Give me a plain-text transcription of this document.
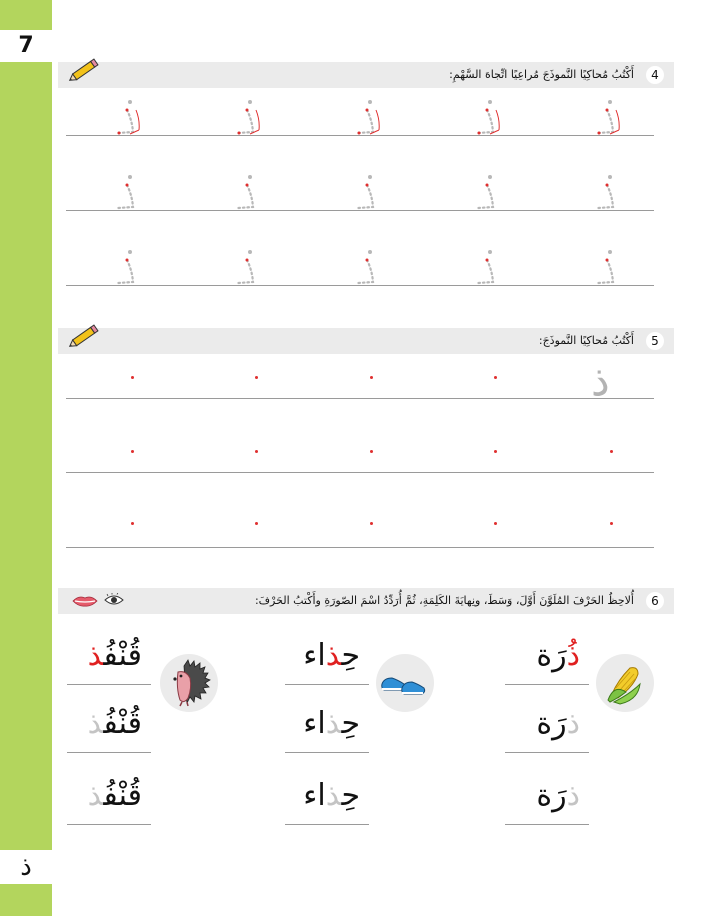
7
ذ
4
أَكْتُبُ مُحاكِيًا النَّموذَجَ مُراعِيًا اتِّجاهَ السَّهْمِ:
5
أَكْتُبُ مُحاكِيًا النَّموذَجَ:
ذ
6
أُلاحِظُ الحَرْفَ المُلَوَّنَ أَوَّلَ، وَسَطَ، ونِهايَةَ الكَلِمَةِ، ثُمَّ أُرَدِّدُ اسْمَ الصّورَةِ وأَكْتبُ الحَرْفَ:
ذُرَة
ذرَة
ذرَة
حِذاء
حِذاء
حِذاء
قُنْفُذ
قُنْفُذ
قُنْفُذ
